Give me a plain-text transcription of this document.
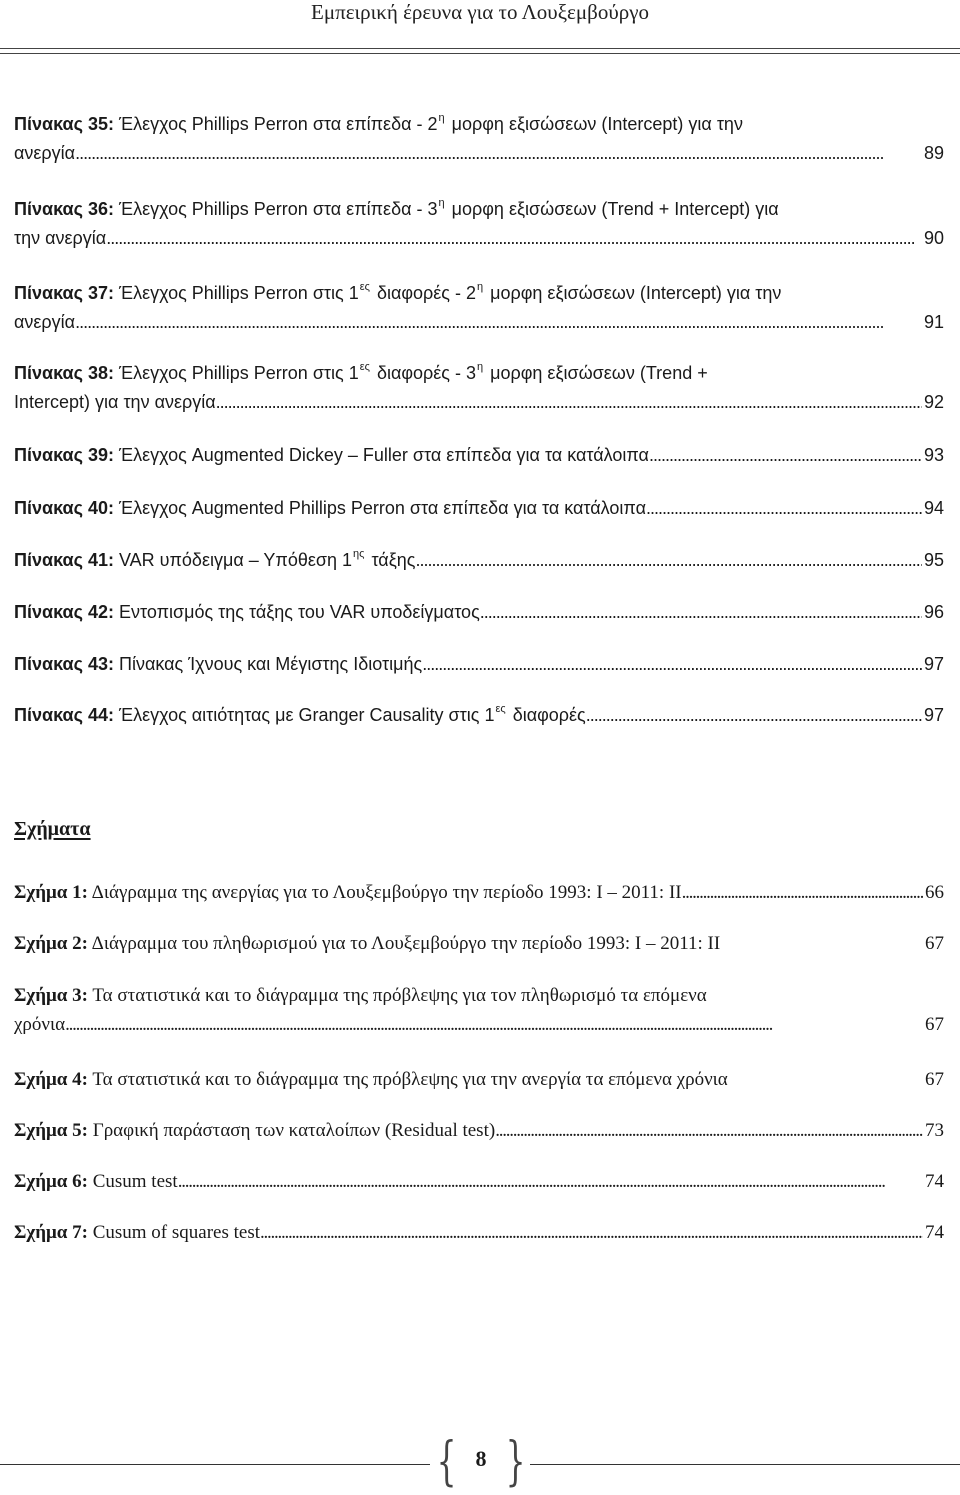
Εμπειρική έρευνα για το Λουξεμβούργο
Πίνακας 35: Έλεγχος Phillips Perron στα επίπεδα - $2^\eta$ μορφη εξισώσεων (Intercept) για την
ανεργία . . .	89
Πίνακας 36: Έλεγχος Phillips Perron στα επίπεδα - $3^\eta$ μορφη εξισώσεων (Trend + Intercept) για
την ανεργία . . .	90
Πίνακας 37: Έλεγχος Phillips Perron στις $1^{\varepsilon\varsigma}$ διαφορές - $2^\eta$ μορφη εξισώσεων (Intercept) για την
ανεργία . . .	91
Πίνακας 38: Έλεγχος Phillips Perron στις $1^{\varepsilon\varsigma}$ διαφορές - $3^\eta$ μορφη εξισώσεων (Trend +
Intercept) για την ανεργία . . .	92
Πίνακας 39: Έλεγχος Augmented Dickey – Fuller στα επίπεδα για τα κατάλοιπα . . .	93
Πίνακας 40: Έλεγχος Augmented Phillips Perron στα επίπεδα για τα κατάλοιπα . . .	94
Πίνακας 41: VAR υπόδειγμα – Υπόθεση $1^{\eta\varsigma}$ τάξης . . .	95
Πίνακας 42: Εντοπισμός της τάξης του VAR υποδείγματος . . .	96
Πίνακας 43: Πίνακας Ίχνους και Μέγιστης Ιδιοτιμής . . .	97
Πίνακας 44: Έλεγχος αιτιότητας με Granger Causality στις $1^{\varepsilon\varsigma}$ διαφορές . . .	97
Σχήματα
Σχήμα 1: Διάγραμμα της ανεργίας για το Λουξεμβούργο την περίοδο 1993: I – 2011: II . . .	66
Σχήμα 2: Διάγραμμα του πληθωρισμού για το Λουξεμβούργο την περίοδο 1993: I – 2011: II	67
Σχήμα 3: Τα στατιστικά και το διάγραμμα της πρόβλεψης για τον πληθωρισμό τα επόμενα
χρόνια . . .	67
Σχήμα 4: Τα στατιστικά και το διάγραμμα της πρόβλεψης για την ανεργία τα επόμενα χρόνια	67
Σχήμα 5: Γραφική παράσταση των καταλοίπων (Residual test) . . .	73
Σχήμα 6: Cusum test . . .	74
Σχήμα 7: Cusum of squares test . . .	74
{ 8 }
